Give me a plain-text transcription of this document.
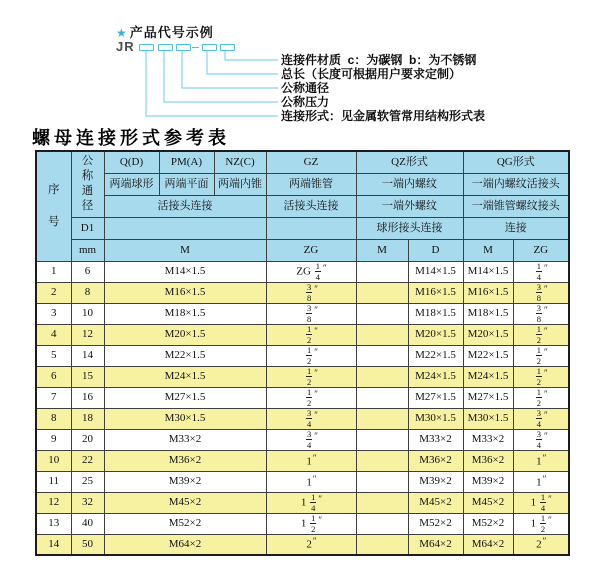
★ 产品代号示例
JR
连接件材质  c：为碳钢  b：为不锈钢
总长（长度可根据用户要求定制）
公称通径
公称压力
连接形式：见金属软管常用结构形式表
螺母连接形式参考表
序号	公称通径	Q(D)	PM(A)	NZ(C)	GZ	QZ形式		QG形式	
		两端球形	两端平面	两端内锥	两端锥管	一端内螺纹		一端内螺纹活接头	
		活接头连接			活接头连接	一端外螺纹		一端锥管螺纹接头	
	D1					球形接头连接		连接	
	mm	M			ZG	M	D	M	ZG
1	6	M14×1.5			ZG $\frac{1}{4} ''$		M14×1.5	M14×1.5	$\frac{1}{4} ''$
2	8	M16×1.5			$\frac{3}{8} ''$		M16×1.5	M16×1.5	$\frac{3}{8} ''$
3	10	M18×1.5			$\frac{3}{8} ''$		M18×1.5	M18×1.5	$\frac{3}{8} ''$
4	12	M20×1.5			$\frac{1}{2} ''$		M20×1.5	M20×1.5	$\frac{1}{2} ''$
5	14	M22×1.5			$\frac{1}{2} ''$		M22×1.5	M22×1.5	$\frac{1}{2} ''$
6	15	M24×1.5			$\frac{1}{2} ''$		M24×1.5	M24×1.5	$\frac{1}{2} ''$
7	16	M27×1.5			$\frac{1}{2} ''$		M27×1.5	M27×1.5	$\frac{1}{2} ''$
8	18	M30×1.5			$\frac{3}{4} ''$		M30×1.5	M30×1.5	$\frac{3}{4} ''$
9	20	M33×2			$\frac{3}{4} ''$		M33×2	M33×2	$\frac{3}{4} ''$
10	22	M36×2			1″		M36×2	M36×2	1″
11	25	M39×2			1″		M39×2	M39×2	1″
12	32	M45×2			$1 \frac{1}{4} ''$		M45×2	M45×2	$1 \frac{1}{4} ''$
13	40	M52×2			$1 \frac{1}{2} ''$		M52×2	M52×2	$1 \frac{1}{2} ''$
14	50	M64×2			2″		M64×2	M64×2	2″
